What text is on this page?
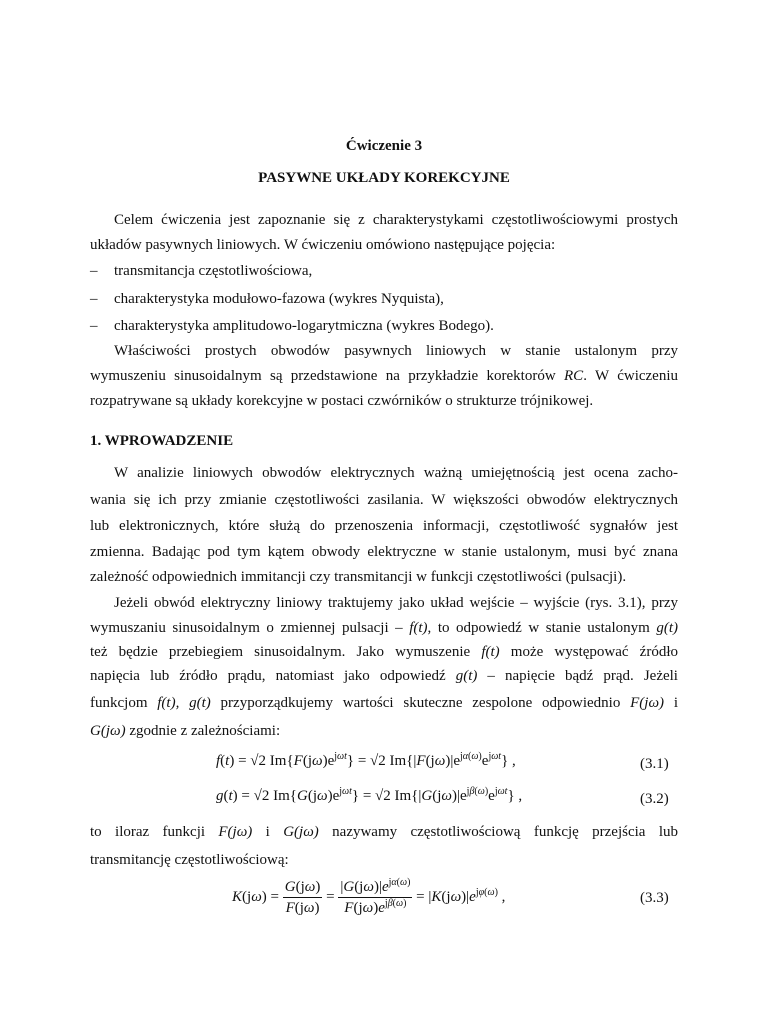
Ćwiczenie 3
PASYWNE UKŁADY KOREKCYJNE
Celem ćwiczenia jest zapoznanie się z charakterystykami częstotliwościowymi prostych
układów pasywnych liniowych. W ćwiczeniu omówiono następujące pojęcia:
– transmitancja częstotliwościowa,
– charakterystyka modułowo-fazowa (wykres Nyquista),
– charakterystyka amplitudowo-logarytmiczna (wykres Bodego).
Właściwości prostych obwodów pasywnych liniowych w stanie ustalonym przy
wymuszeniu sinusoidalnym są przedstawione na przykładzie korektorów RC. W ćwiczeniu
rozpatrywane są układy korekcyjne w postaci czwórników o strukturze trójnikowej.
1. WPROWADZENIE
W analizie liniowych obwodów elektrycznych ważną umiejętnością jest ocena zacho-
wania się ich przy zmianie częstotliwości zasilania. W większości obwodów elektrycznych
lub elektronicznych, które służą do przenoszenia informacji, częstotliwość sygnałów jest
zmienna. Badając pod tym kątem obwody elektryczne w stanie ustalonym, musi być znana
zależność odpowiednich immitancji czy transmitancji w funkcji częstotliwości (pulsacji).
Jeżeli obwód elektryczny liniowy traktujemy jako układ wejście – wyjście (rys. 3.1), przy
wymuszaniu sinusoidalnym o zmiennej pulsacji – f(t), to odpowiedź w stanie ustalonym g(t)
też będzie przebiegiem sinusoidalnym. Jako wymuszenie f(t) może występować źródło
napięcia lub źródło prądu, natomiast jako odpowiedź g(t) – napięcie bądź prąd. Jeżeli
funkcjom f(t), g(t) przyporządkujemy wartości skuteczne zespolone odpowiednio F(jω) i
G(jω) zgodnie z zależnościami:
f(t) = √2 $Im\{F(j\omega)e^{j\omega t}\} = √2$ $Im\{|F(j\omega)|e^{j\alpha(\omega)}e^{j\omega t}\}$ ,	(3.1)
g(t) = √2 $Im\{G(j\omega)e^{j\omega t}\} = √2$ $Im\{|G(j\omega)|e^{j\beta(\omega)}e^{j\omega t}\}$ ,	(3.2)
to iloraz funkcji F(jω) i G(jω) nazywamy częstotliwościową funkcję przejścia lub
transmitancję częstotliwościową:
$K(j\omega) = \frac{G(j\omega)}{F(j\omega)} = \frac{|G(j\omega)|e^{j\alpha(\omega)}}{F(j\omega)e^{j\beta(\omega)}} = |K(j\omega)|e^{j\varphi(\omega)}$ ,	(3.3)
